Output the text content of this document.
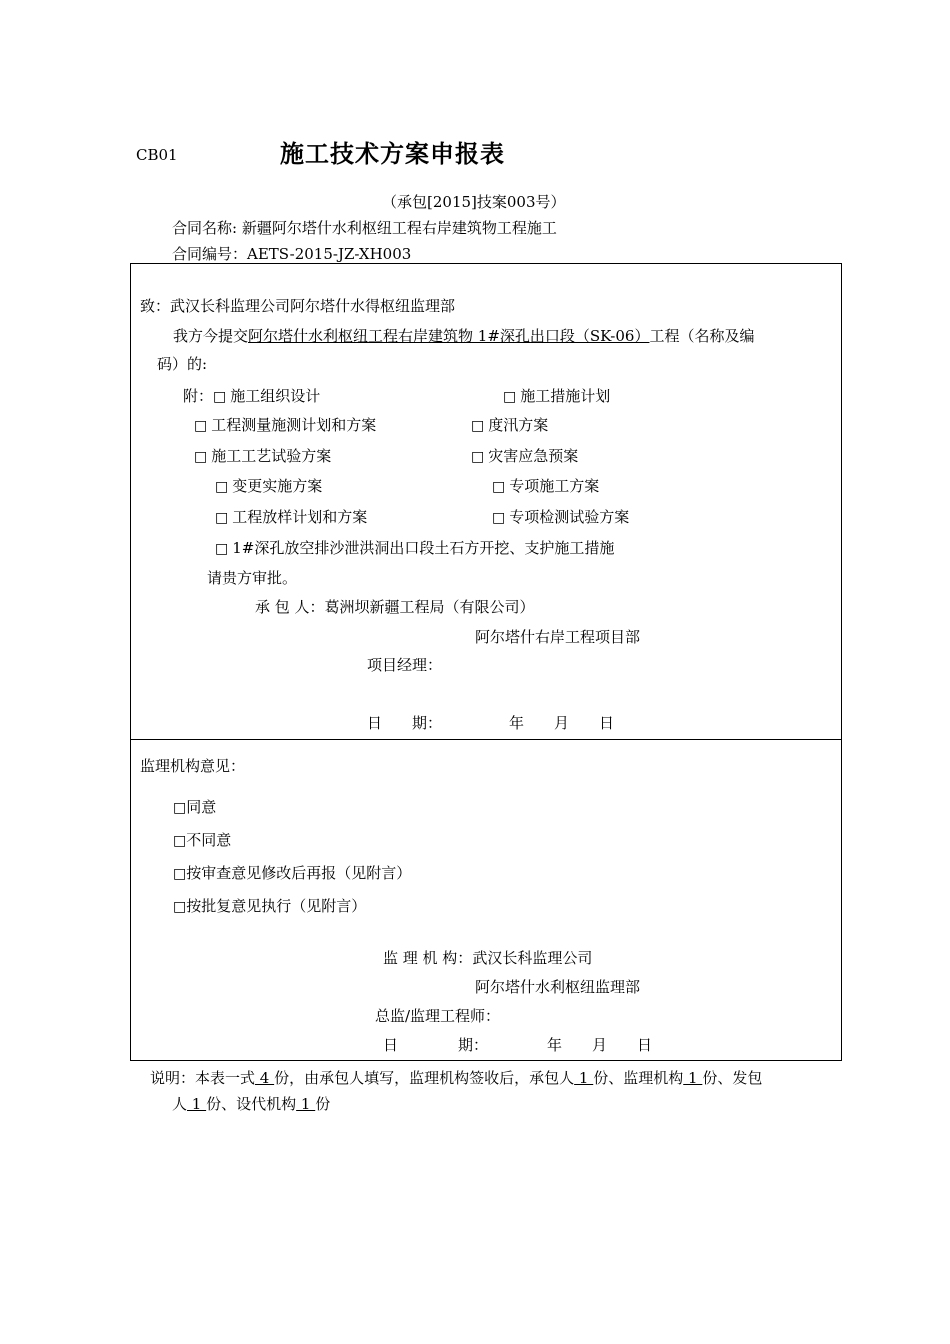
CB01	施工技术方案申报表
（承包[2015]技案003号）
合同名称: 新疆阿尔塔什水利枢纽工程右岸建筑物工程施工
合同编号：AETS-2015-JZ-XH003
致：武汉长科监理公司阿尔塔什水得枢纽监理部
我方今提交阿尔塔什水利枢纽工程右岸建筑物 1#深孔出口段（SK-06）工程（名称及编
码）的:
附：□ 施工组织设计	□ 施工措施计划
□ 工程测量施测计划和方案	□ 度汛方案
□ 施工工艺试验方案	□ 灾害应急预案
□ 变更实施方案	□ 专项施工方案
□ 工程放样计划和方案	□ 专项检测试验方案
□ 1#深孔放空排沙泄洪洞出口段土石方开挖、支护施工措施
请贵方审批。
承 包 人：葛洲坝新疆工程局（有限公司）
阿尔塔什右岸工程项目部
项目经理：
日　　期：	年　　月　　日
监理机构意见：
□同意
□不同意
□按审查意见修改后再报（见附言）
□按批复意见执行（见附言）
监 理 机 构：武汉长科监理公司
阿尔塔什水利枢纽监理部
总监/监理工程师：
日　　　　期：	年　　月　　日
说明：本表一式 4 份，由承包人填写，监理机构签收后，承包人 1 份、监理机构 1 份、发包
人 1 份、设代机构 1 份
